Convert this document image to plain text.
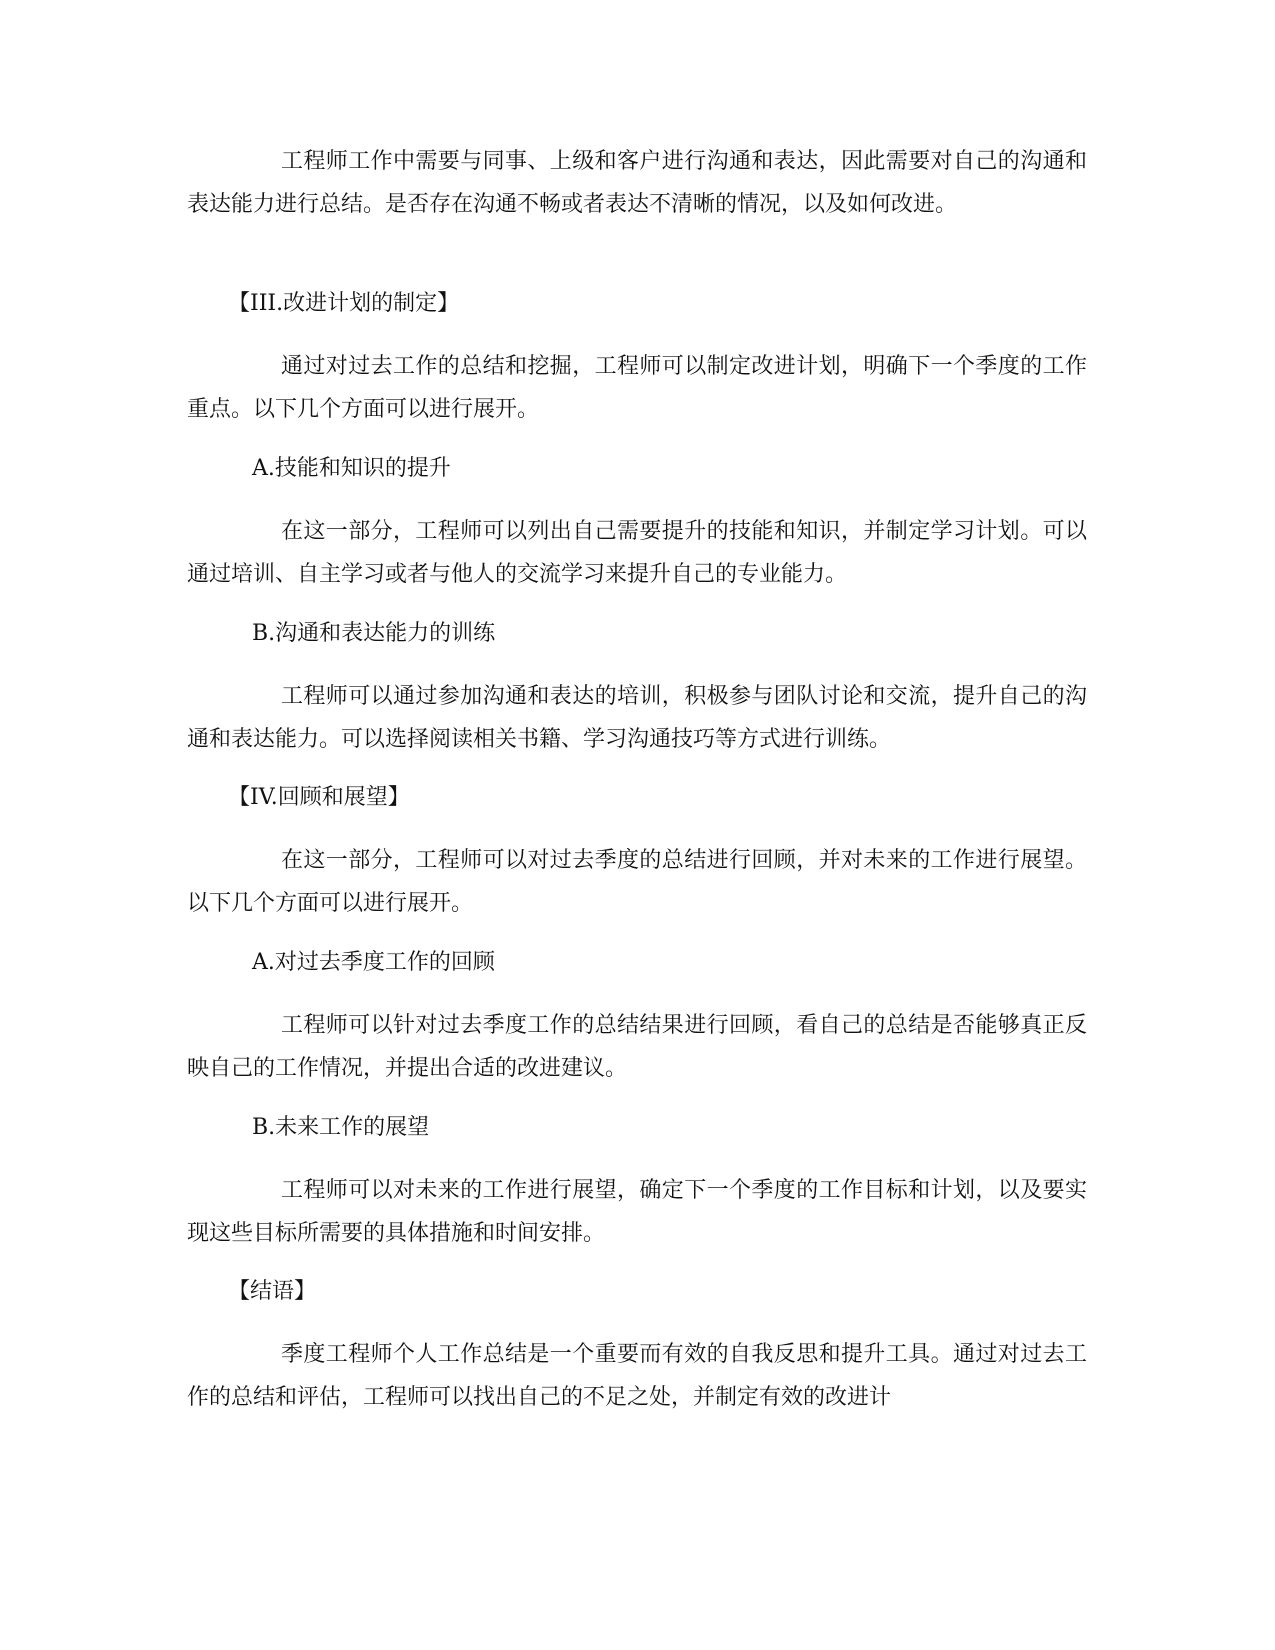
工程师工作中需要与同事、上级和客户进行沟通和表达，因此需要对自己的沟通和表达能力进行总结。是否存在沟通不畅或者表达不清晰的情况，以及如何改进。

【III.改进计划的制定】

通过对过去工作的总结和挖掘，工程师可以制定改进计划，明确下一个季度的工作重点。以下几个方面可以进行展开。

A.技能和知识的提升

在这一部分，工程师可以列出自己需要提升的技能和知识，并制定学习计划。可以通过培训、自主学习或者与他人的交流学习来提升自己的专业能力。

B.沟通和表达能力的训练

工程师可以通过参加沟通和表达的培训，积极参与团队讨论和交流，提升自己的沟通和表达能力。可以选择阅读相关书籍、学习沟通技巧等方式进行训练。

【IV.回顾和展望】

在这一部分，工程师可以对过去季度的总结进行回顾，并对未来的工作进行展望。以下几个方面可以进行展开。

A.对过去季度工作的回顾

工程师可以针对过去季度工作的总结结果进行回顾，看自己的总结是否能够真正反映自己的工作情况，并提出合适的改进建议。

B.未来工作的展望

工程师可以对未来的工作进行展望，确定下一个季度的工作目标和计划，以及要实现这些目标所需要的具体措施和时间安排。

【结语】

季度工程师个人工作总结是一个重要而有效的自我反思和提升工具。通过对过去工作的总结和评估，工程师可以找出自己的不足之处，并制定有效的改进计
